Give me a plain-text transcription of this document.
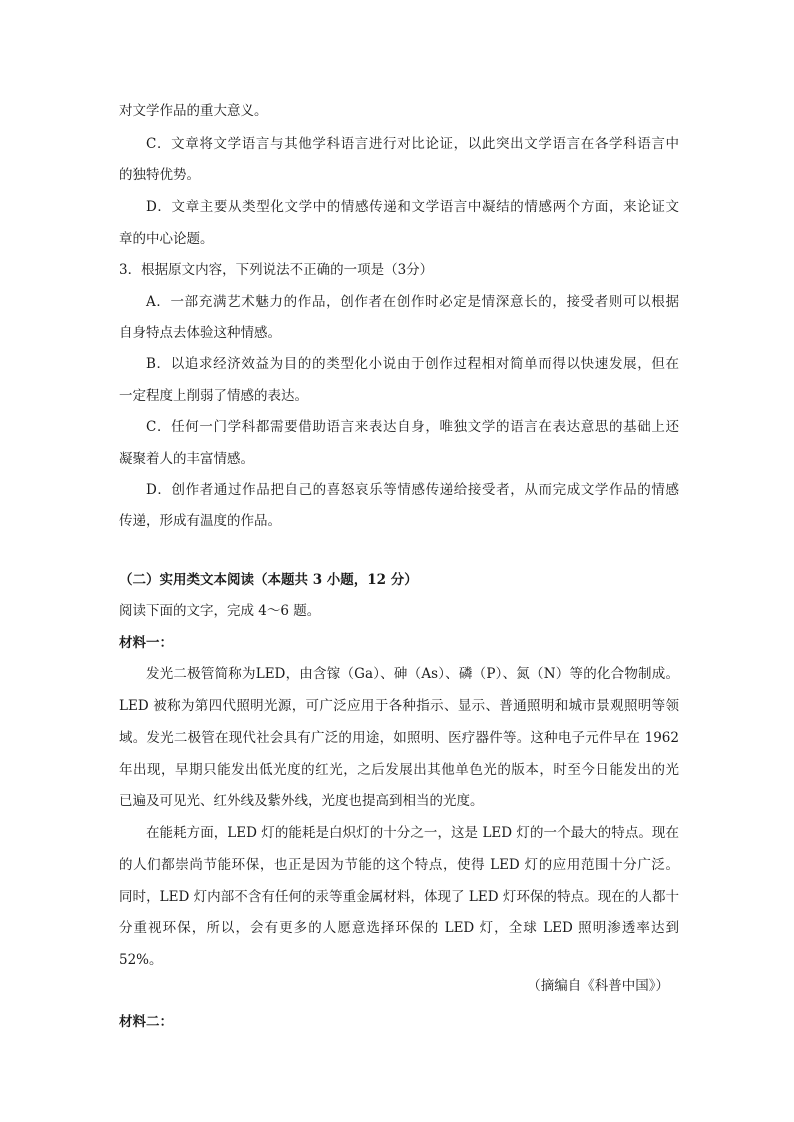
对文学作品的重大意义。
C．文章将文学语言与其他学科语言进行对比论证，以此突出文学语言在各学科语言中
的独特优势。
D．文章主要从类型化文学中的情感传递和文学语言中凝结的情感两个方面，来论证文
章的中心论题。
3．根据原文内容，下列说法不正确的一项是（3分）
A．一部充满艺术魅力的作品，创作者在创作时必定是情深意长的，接受者则可以根据
自身特点去体验这种情感。
B．以追求经济效益为目的的类型化小说由于创作过程相对简单而得以快速发展，但在
一定程度上削弱了情感的表达。
C．任何一门学科都需要借助语言来表达自身，唯独文学的语言在表达意思的基础上还
凝聚着人的丰富情感。
D．创作者通过作品把自己的喜怒哀乐等情感传递给接受者，从而完成文学作品的情感
传递，形成有温度的作品。
（二）实用类文本阅读（本题共 3 小题，12 分）
阅读下面的文字，完成 4～6 题。
材料一：
发光二极管简称为LED，由含镓（Ga）、砷（As）、磷（P）、氮（N）等的化合物制成。
LED 被称为第四代照明光源，可广泛应用于各种指示、显示、普通照明和城市景观照明等领
域。发光二极管在现代社会具有广泛的用途，如照明、医疗器件等。这种电子元件早在 1962
年出现，早期只能发出低光度的红光，之后发展出其他单色光的版本，时至今日能发出的光
已遍及可见光、红外线及紫外线，光度也提高到相当的光度。
在能耗方面，LED 灯的能耗是白炽灯的十分之一，这是 LED 灯的一个最大的特点。现在
的人们都崇尚节能环保，也正是因为节能的这个特点，使得 LED 灯的应用范围十分广泛。
同时，LED 灯内部不含有任何的汞等重金属材料，体现了 LED 灯环保的特点。现在的人都十
分重视环保，所以，会有更多的人愿意选择环保的 LED 灯，全球 LED 照明渗透率达到
52%。
（摘编自《科普中国》）
材料二：
